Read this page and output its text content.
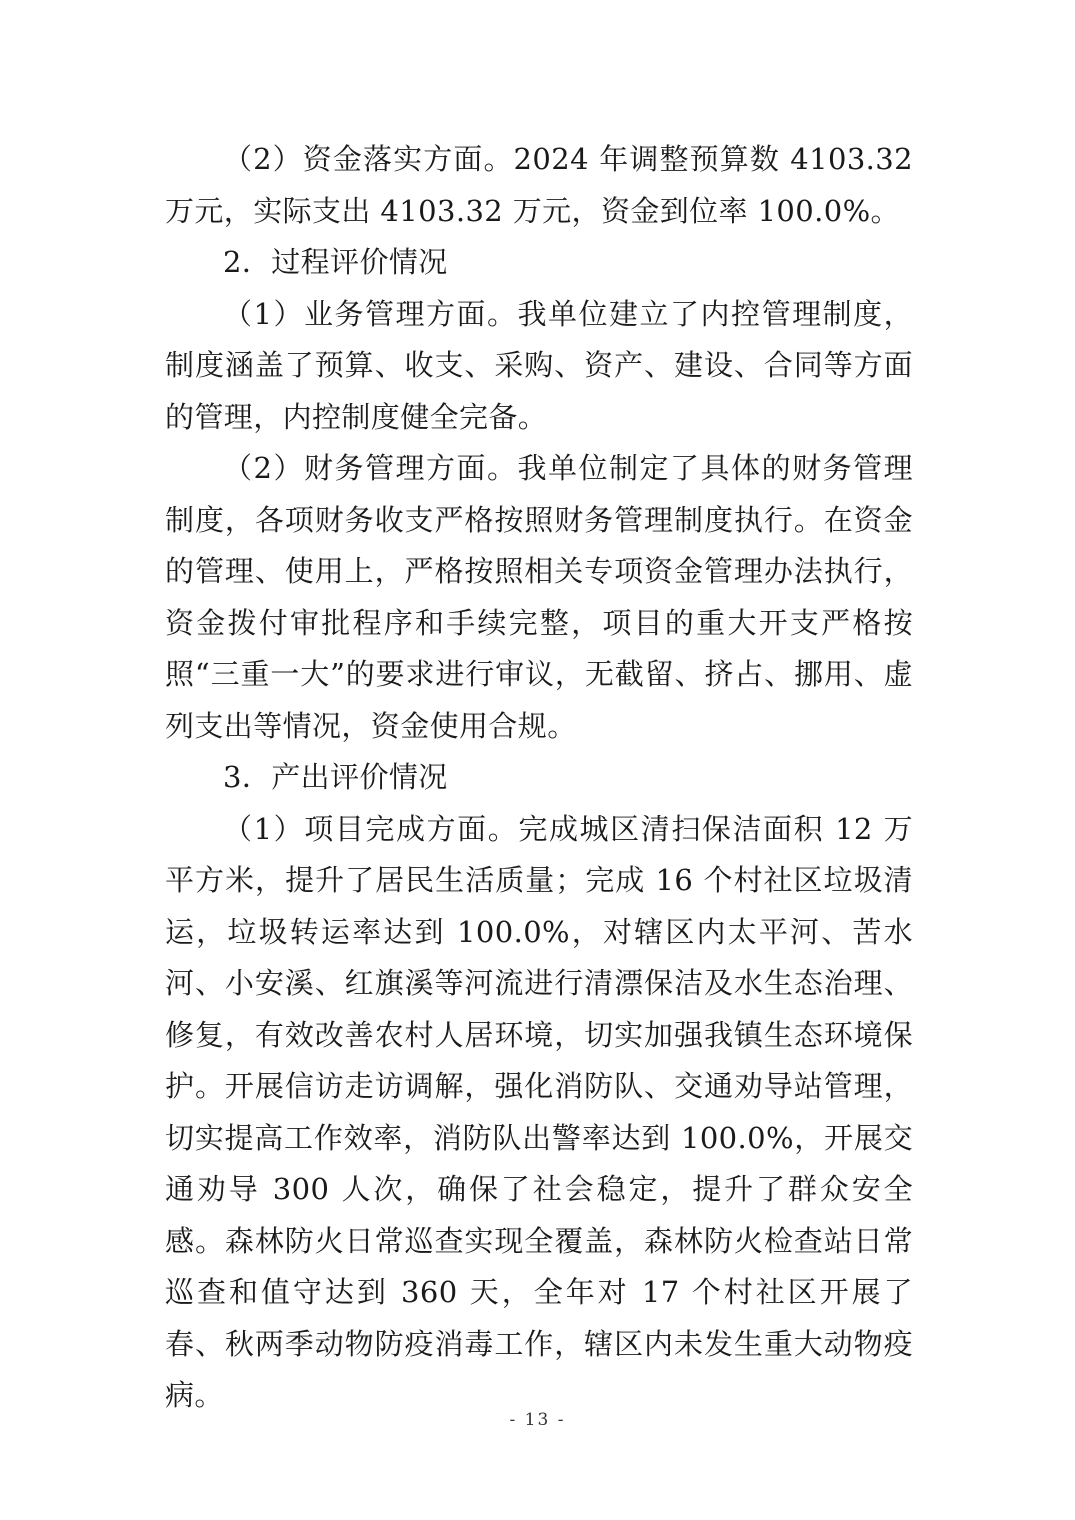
（2）资金落实方面。2024 年调整预算数 4103.32 万元，实际支出 4103.32 万元，资金到位率 100.0%。

2．过程评价情况

（1）业务管理方面。我单位建立了内控管理制度，制度涵盖了预算、收支、采购、资产、建设、合同等方面的管理，内控制度健全完备。

（2）财务管理方面。我单位制定了具体的财务管理制度，各项财务收支严格按照财务管理制度执行。在资金的管理、使用上，严格按照相关专项资金管理办法执行，资金拨付审批程序和手续完整，项目的重大开支严格按照“三重一大”的要求进行审议，无截留、挤占、挪用、虚列支出等情况，资金使用合规。

3．产出评价情况

（1）项目完成方面。完成城区清扫保洁面积 12 万平方米，提升了居民生活质量；完成 16 个村社区垃圾清运，垃圾转运率达到 100.0%，对辖区内太平河、苦水河、小安溪、红旗溪等河流进行清漂保洁及水生态治理、修复，有效改善农村人居环境，切实加强我镇生态环境保护。开展信访走访调解，强化消防队、交通劝导站管理，切实提高工作效率，消防队出警率达到 100.0%，开展交通劝导 300 人次，确保了社会稳定，提升了群众安全感。森林防火日常巡查实现全覆盖，森林防火检查站日常巡查和值守达到 360 天，全年对 17 个村社区开展了春、秋两季动物防疫消毒工作，辖区内未发生重大动物疫病。

- 13 -
